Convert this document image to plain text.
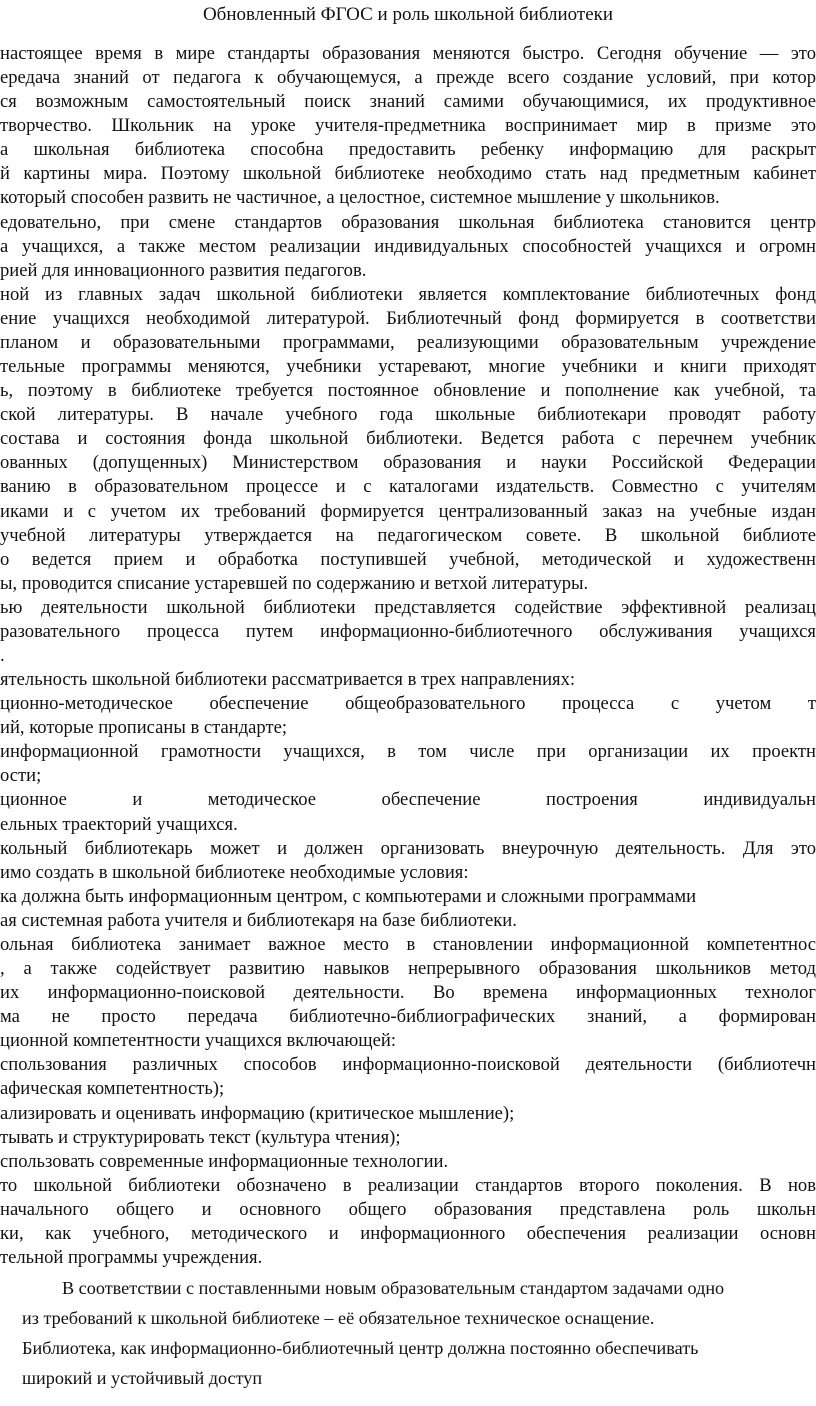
Обновленный ФГОС и роль школьной библиотеки
настоящее время в мире стандарты образования меняются быстро. Сегодня обучение — это
ередача знаний от педагога к обучающемуся, а прежде всего создание условий, при котор
ся возможным самостоятельный поиск знаний самими обучающимися, их продуктивное
творчество. Школьник на уроке учителя-предметника воспринимает мир в призме это
а школьная библиотека способна предоставить ребенку информацию для раскрыт
й картины мира. Поэтому школьной библиотеке необходимо стать над предметным кабинет
который способен развить не частичное, а целостное, системное мышление у школьников.
едовательно, при смене стандартов образования школьная библиотека становится центр
а учащихся, а также местом реализации индивидуальных способностей учащихся и огромн
рией для инновационного развития педагогов.
ной из главных задач школьной библиотеки является комплектование библиотечных фонд
ение учащихся необходимой литературой. Библиотечный фонд формируется в соответстви
планом и образовательными программами, реализующими образовательным учреждение
тельные программы меняются, учебники устаревают, многие учебники и книги приходят
ь, поэтому в библиотеке требуется постоянное обновление и пополнение как учебной, та
ской литературы. В начале учебного года школьные библиотекари проводят работу
состава и состояния фонда школьной библиотеки. Ведется работа с перечнем учебник
ованных (допущенных) Министерством образования и науки Российской Федерации
ванию в образовательном процессе и с каталогами издательств. Совместно с учителям
иками и с учетом их требований формируется централизованный заказ на учебные издан
учебной литературы утверждается на педагогическом совете. В школьной библиоте
о ведется прием и обработка поступившей учебной, методической и художественн
ы, проводится списание устаревшей по содержанию и ветхой литературы.
ью деятельности школьной библиотеки представляется содействие эффективной реализац
разовательного процесса путем информационно-библиотечного обслуживания учащихся
.
ятельность школьной библиотеки рассматривается в трех направлениях:
ционно-методическое обеспечение общеобразовательного процесса с учетом т
ий, которые прописаны в стандарте;
информационной грамотности учащихся, в том числе при организации их проектн
ости;
ционное и методическое обеспечение построения индивидуальн
ельных траекторий учащихся.
кольный библиотекарь может и должен организовать внеурочную деятельность. Для это
имо создать в школьной библиотеке необходимые условия:
ка должна быть информационным центром, с компьютерами и сложными программами
ая системная работа учителя и библиотекаря на базе библиотеки.
ольная библиотека занимает важное место в становлении информационной компетентнос
, а также содействует развитию навыков непрерывного образования школьников метод
их информационно-поисковой деятельности. Во времена информационных технолог
ма не просто передача библиотечно-библиографических знаний, а формирован
ционной компетентности учащихся включающей:
спользования различных способов информационно-поисковой деятельности (библиотечн
афическая компетентность);
ализировать и оценивать информацию (критическое мышление);
тывать и структурировать текст (культура чтения);
спользовать современные информационные технологии.
то школьной библиотеки обозначено в реализации стандартов второго поколения. В нов
начального общего и основного общего образования представлена роль школьн
ки, как учебного, методического и информационного обеспечения реализации основн
тельной программы учреждения.
В соответствии с поставленными новым образовательным стандартом задачами одно
из требований к школьной библиотеке – её обязательное техническое оснащение.
Библиотека, как информационно-библиотечный центр должна постоянно обеспечивать
широкий и устойчивый доступ
